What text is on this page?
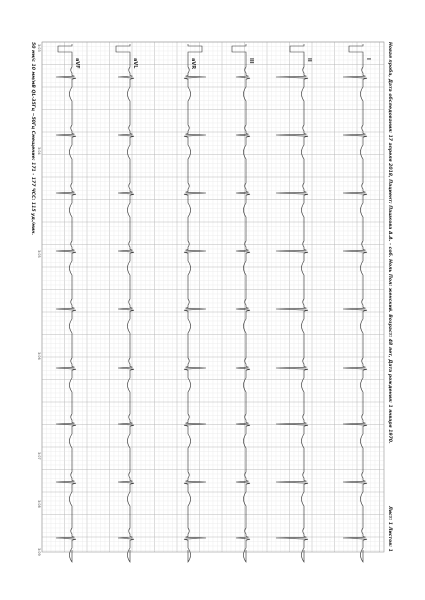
Новая проба, Дата обследования: 17 апреля 2018, Пациент: Пашкова А.А. - соб. Ноль Пол: женский. Возраст: 48 лет, Дата рождения: 1 января 1970.
50 мм/с 10 мм/мВ QL-35Гц ~50Гц Смещение: 171 - 177 ЧСС: 115 уд./мин.
Лист: 1 Листов: 1
I
II
III
aVR
aVL
aVF
3:03
3:04
3:05
3:06
3:07
3:08
3:09
